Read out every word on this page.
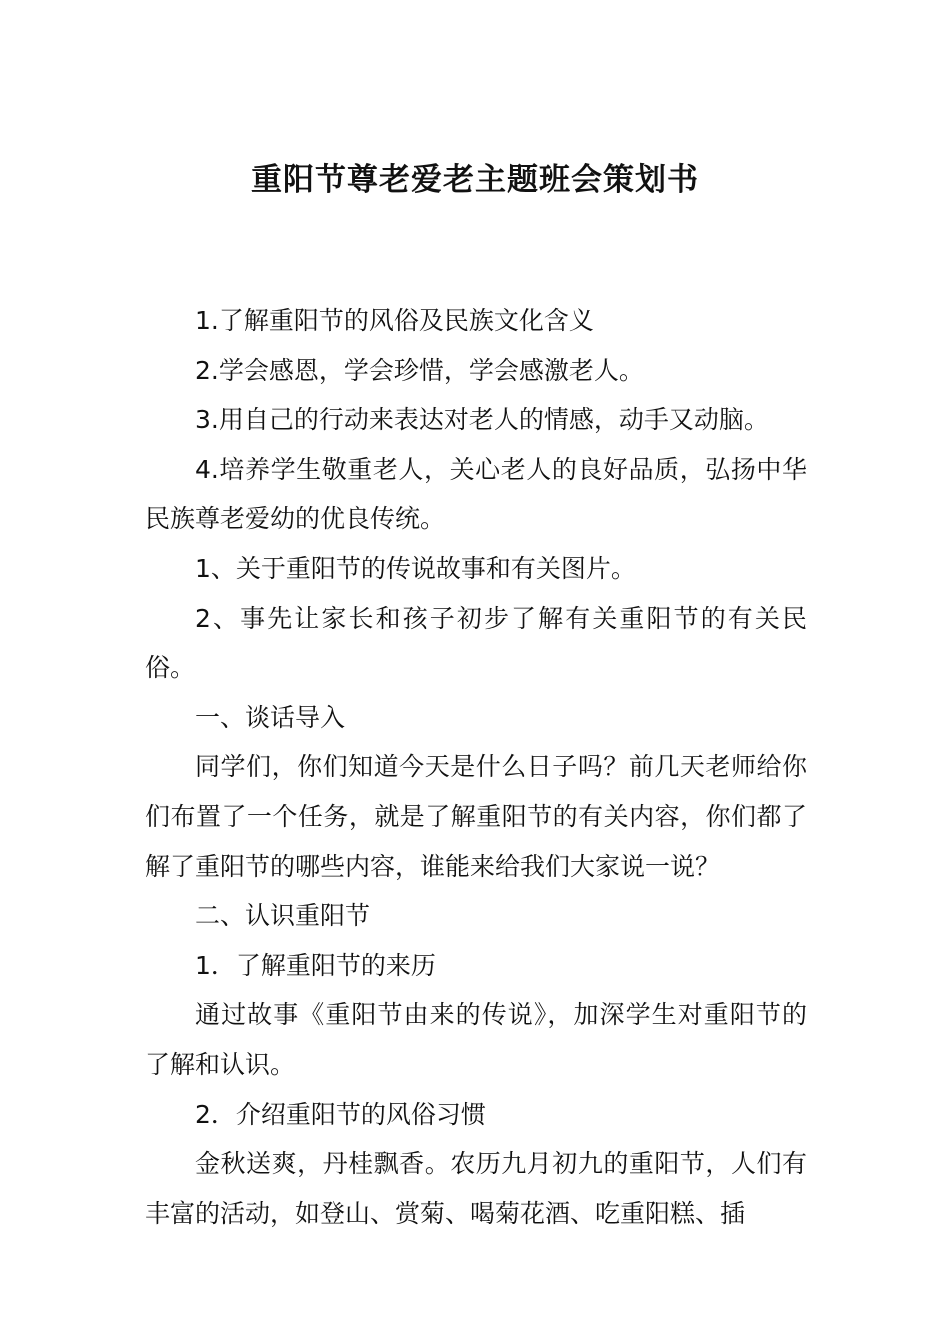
重阳节尊老爱老主题班会策划书

1.了解重阳节的风俗及民族文化含义

2.学会感恩，学会珍惜，学会感激老人。

3.用自己的行动来表达对老人的情感，动手又动脑。

4.培养学生敬重老人，关心老人的良好品质，弘扬中华民族尊老爱幼的优良传统。

1、关于重阳节的传说故事和有关图片。

2、事先让家长和孩子初步了解有关重阳节的有关民俗。

一、谈话导入

同学们，你们知道今天是什么日子吗？前几天老师给你们布置了一个任务，就是了解重阳节的有关内容，你们都了解了重阳节的哪些内容，谁能来给我们大家说一说？

二、认识重阳节

1．了解重阳节的来历

通过故事《重阳节由来的传说》，加深学生对重阳节的了解和认识。

2．介绍重阳节的风俗习惯

金秋送爽，丹桂飘香。农历九月初九的重阳节，人们有丰富的活动，如登山、赏菊、喝菊花酒、吃重阳糕、插
